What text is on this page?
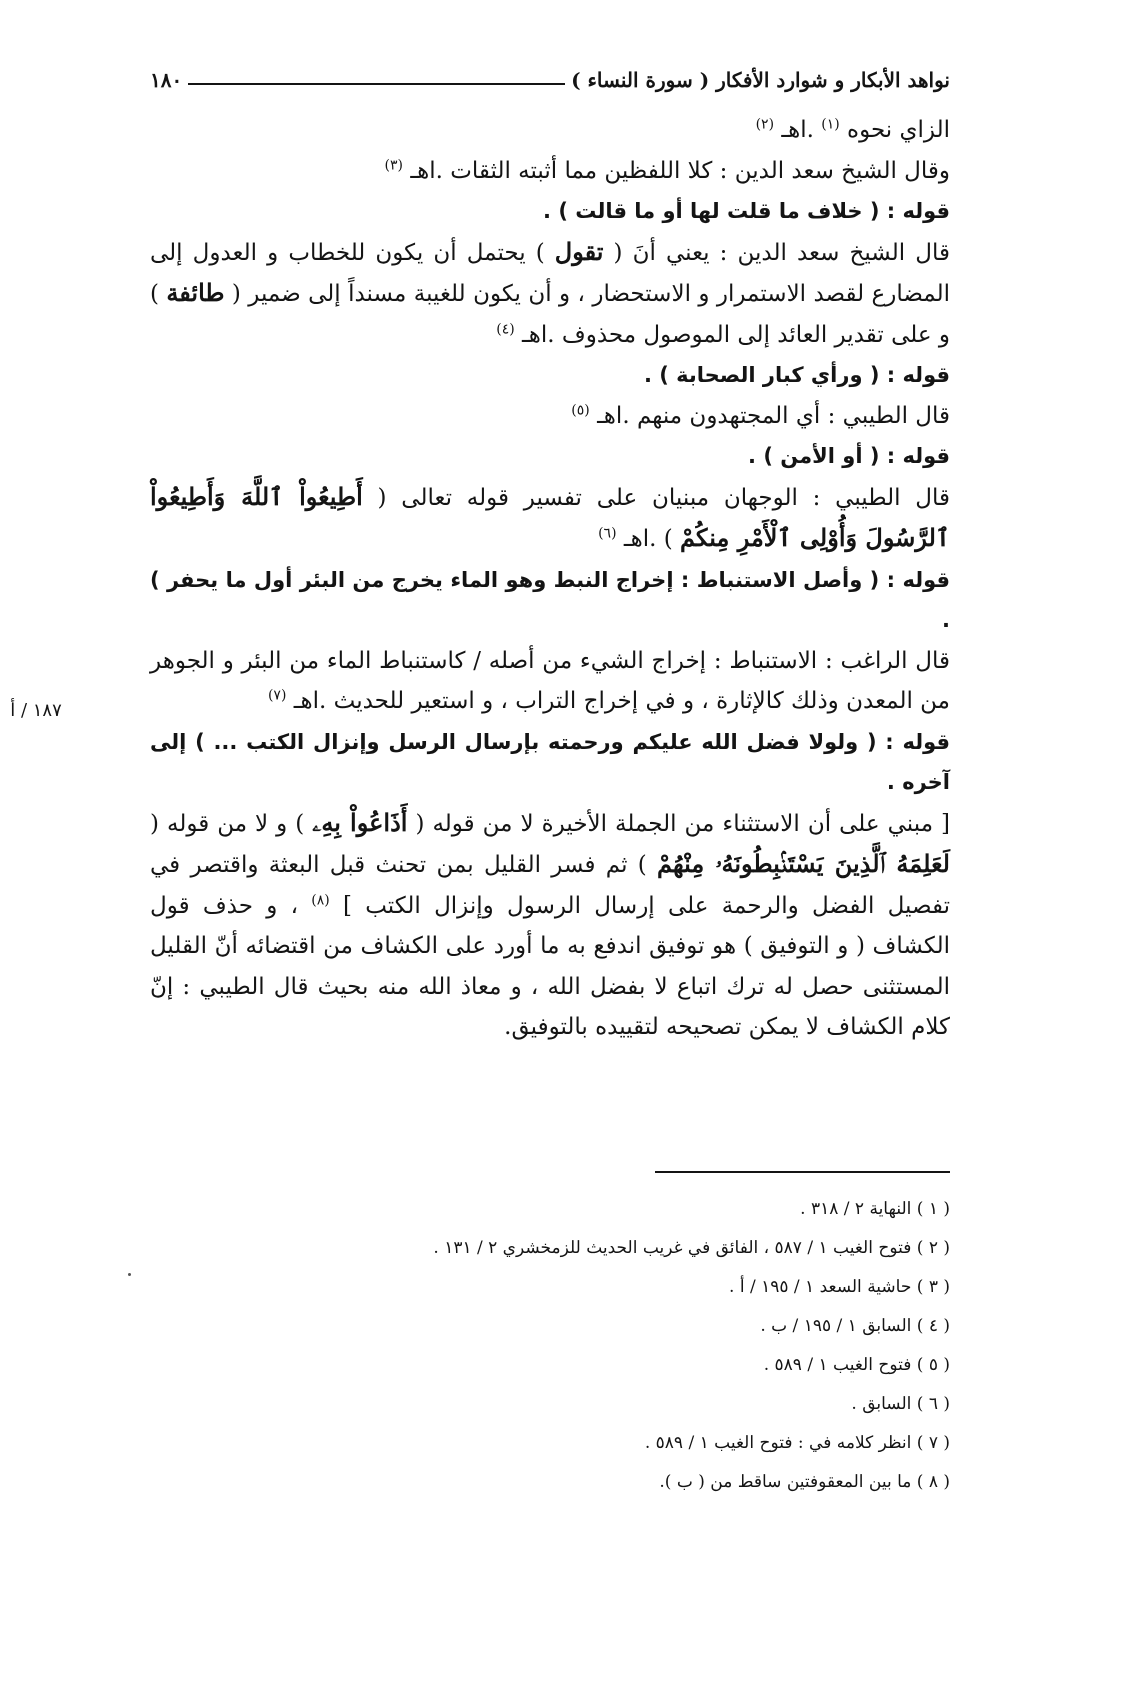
نواهد الأبكار و شوارد الأفكار ( سورة النساء )
١٨٠

الزاي نحوه $^{(١)}$ .اهـ $^{(٢)}$

وقال الشيخ سعد الدين : كلا اللفظين مما أثبته الثقات .اهـ $^{(٣)}$

قوله : ( خلاف ما قلت لها أو ما قالت ) .

قال الشيخ سعد الدين : يعني أنَ ( تقول ) يحتمل أن يكون للخطاب و العدول إلى المضارع لقصد الاستمرار و الاستحضار ، و أن يكون للغيبة مسنداً إلى ضمير ( طائفة ) و على تقدير العائد إلى الموصول محذوف .اهـ $^{(٤)}$

قوله : ( ورأي كبار الصحابة ) .

قال الطيبي : أي المجتهدون منهم .اهـ $^{(٥)}$

قوله : ( أو الأمن ) .

قال الطيبي : الوجهان مبنيان على تفسير قوله تعالى ( أَطِيعُواْ ٱللَّهَ وَأَطِيعُواْ ٱلرَّسُولَ وَأُوْلِى ٱلْأَمْرِ مِنكُمْ ) .اهـ $^{(٦)}$

قوله : ( وأصل الاستنباط : إخراج النبط وهو الماء يخرج من البئر أول ما يحفر ) .

قال الراغب : الاستنباط : إخراج الشيء من أصله / كاستنباط الماء من البئر و الجوهر من المعدن وذلك كالإثارة ، و في إخراج التراب ، و استعير للحديث .اهـ $^{(٧)}$

قوله : ( ولولا فضل الله عليكم ورحمته بإرسال الرسل وإنزال الكتب ... ) إلى آخره .

[ مبني على أن الاستثناء من الجملة الأخيرة لا من قوله ( أَذَاعُواْ بِهِۦ ) و لا من قوله ( لَعَلِمَهُ ٱلَّذِينَ يَسْتَنۢبِطُونَهُۥ مِنْهُمْ ) ثم فسر القليل بمن تحنث قبل البعثة واقتصر في تفصيل الفضل والرحمة على إرسال الرسول وإنزال الكتب ] $^{(٨)}$ ، و حذف قول الكشاف ( و التوفيق ) هو توفيق اندفع به ما أورد على الكشاف من اقتضائه أنّ القليل المستثنى حصل له ترك اتباع لا بفضل الله ، و معاذ الله منه بحيث قال الطيبي : إنّ كلام الكشاف لا يمكن تصحيحه لتقييده بالتوفيق.

١٨٧ / أ
( ١ ) النهاية ٢ / ٣١٨ .
( ٢ ) فتوح الغيب ١ / ٥٨٧ ، الفائق في غريب الحديث للزمخشري ٢ / ١٣١ .
( ٣ ) حاشية السعد ١ / ١٩٥ / أ .
( ٤ ) السابق ١ / ١٩٥ / ب .
( ٥ ) فتوح الغيب ١ / ٥٨٩ .
( ٦ ) السابق .
( ٧ ) انظر كلامه في : فتوح الغيب ١ / ٥٨٩ .
( ٨ ) ما بين المعقوفتين ساقط من ( ب ).
